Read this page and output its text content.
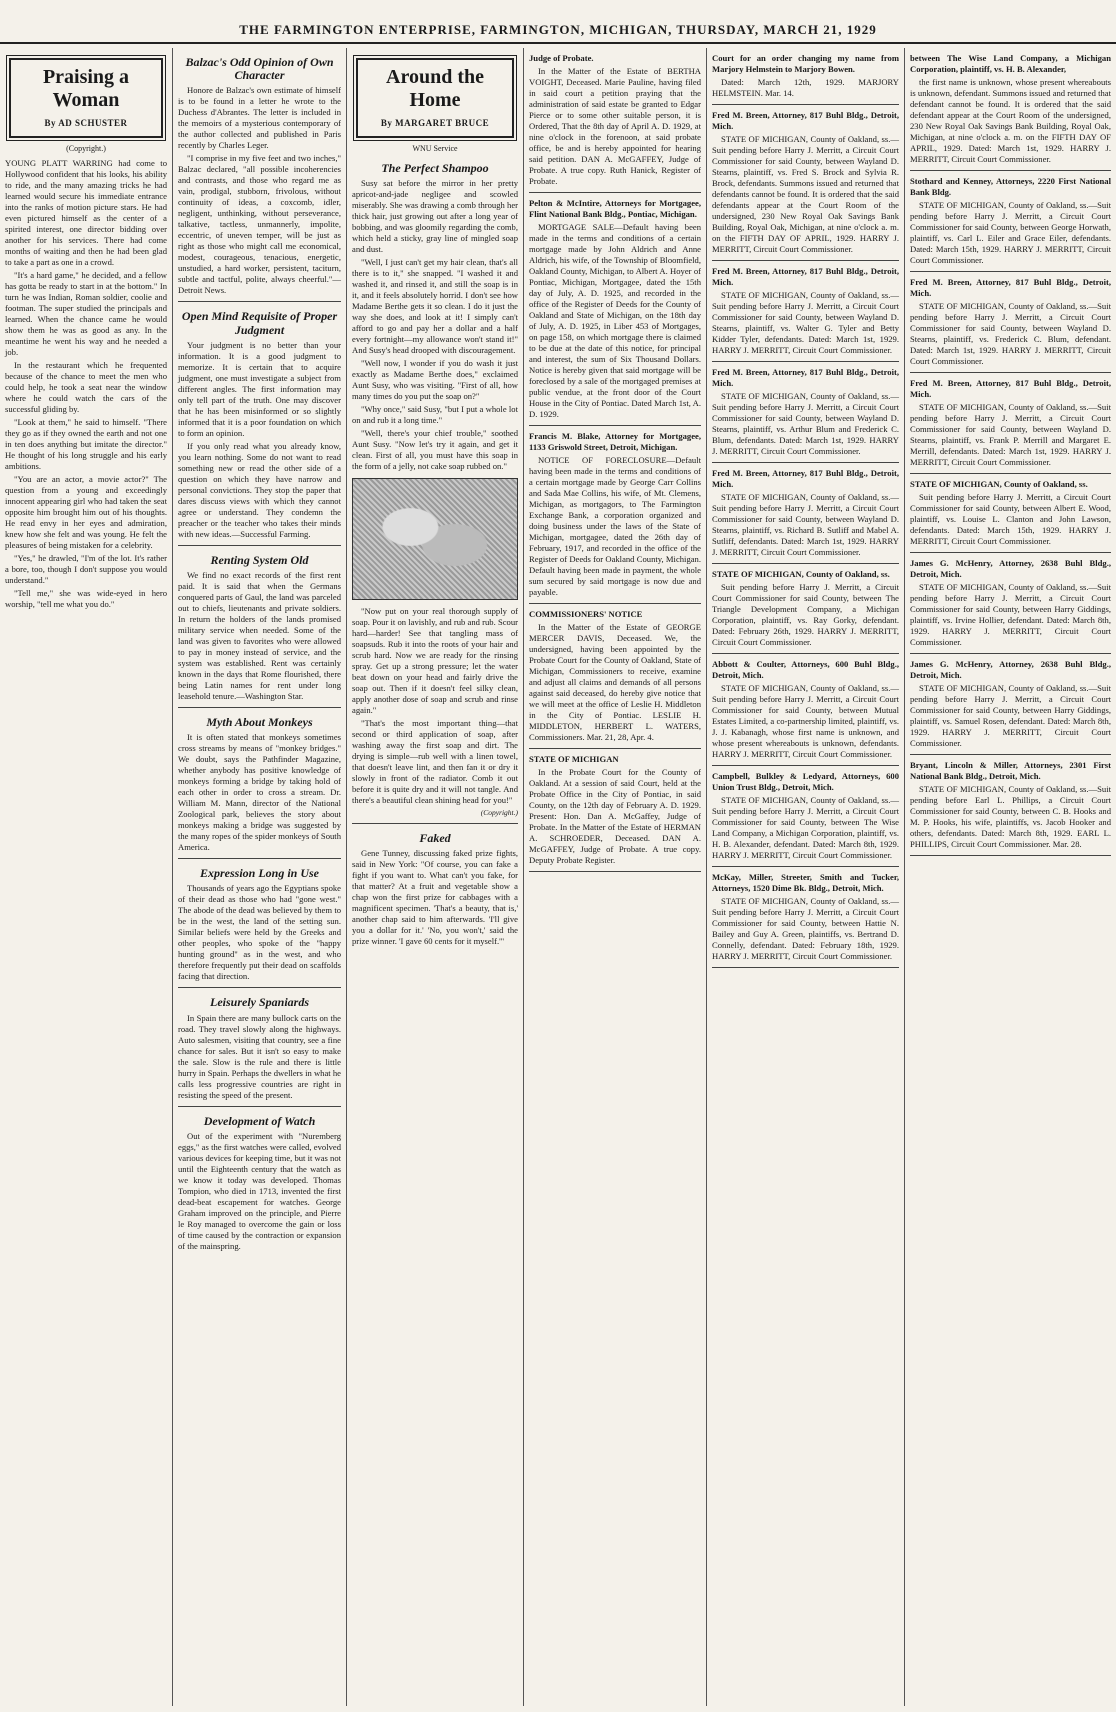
THE FARMINGTON ENTERPRISE, FARMINGTON, MICHIGAN, THURSDAY, MARCH 21, 1929
Praising a Woman
By AD SCHUSTER
(Copyright.)

YOUNG PLATT WARRING had come to Hollywood confident that his looks, his ability to ride, and the many amazing tricks he had learned would secure his immediate entrance into the ranks of motion picture stars. He had even pictured himself as the center of a spirited interest, one director bidding over another for his services. There had come months of waiting and then he had been glad to take a part as one in a crowd.

"It's a hard game," he decided, and a fellow has gotta be ready to start in at the bottom." In turn he was Indian, Roman soldier, coolie and footman. The super studied the principals and learned. When the chance came he would show them he was as good as any. In the meantime he went his way and he needed a job.

In the restaurant which he frequented because of the chance to meet the men who could help, he took a seat near the window where he could watch the cars of the successful gliding by.

"Look at them," he said to himself. "There they go as if they owned the earth and not one in ten does anything but imitate the director." He thought of his long struggle and his early ambitions.

"You are an actor, a movie actor?" The question from a young and exceedingly innocent appearing girl who had taken the seat opposite him brought him out of his thoughts. He read envy in her eyes and admiration, knew how she felt and was young. He felt the pleasures of being mistaken for a celebrity.

"Yes," he drawled, "I'm of the lot. It's rather a bore, too, though I don't suppose you would understand."

"Tell me," she was wide-eyed in hero worship, "tell me what you do."

Balzac's Odd Opinion of Own Character

Honore de Balzac's own estimate of himself is to be found in a letter he wrote to the Duchess d'Abrantes. The letter is included in the memoirs of a mysterious contemporary of the author collected and published in Paris recently by Charles Leger.

"I comprise in my five feet and two inches," Balzac declared, "all possible incoherencies and contrasts, and those who regard me as vain, prodigal, stubborn, frivolous, without continuity of ideas, a coxcomb, idler, negligent, unthinking, without perseverance, talkative, tactless, unmannerly, impolite, eccentric, of uneven temper, will be just as right as those who might call me economical, modest, courageous, tenacious, energetic, unstudied, a hard worker, persistent, taciturn, subtle and tactful, polite, always cheerful."—Detroit News.

Open Mind Requisite of Proper Judgment

Your judgment is no better than your information. It is a good judgment to memorize. It is certain that to acquire judgment, one must investigate a subject from different angles. The first information may only tell part of the truth. One may discover that he has been misinformed or so slightly informed that it is a poor foundation on which to form an opinion.

If you only read what you already know, you learn nothing. Some do not want to read something new or read the other side of a question on which they have narrow and personal convictions. They stop the paper that dares discuss views with which they cannot agree or understand. They condemn the preacher or the teacher who takes their minds with new ideas.—Successful Farming.

Renting System Old

We find no exact records of the first rent paid. It is said that when the Germans conquered parts of Gaul, the land was parceled out to chiefs, lieutenants and private soldiers. In return the holders of the lands promised military service when needed. Some of the land was given to favorites who were allowed to pay in money instead of service, and the system was established. Rent was certainly known in the days that Rome flourished, there being Latin names for rent under long leasehold tenure.—Washington Star.

Myth About Monkeys

It is often stated that monkeys sometimes cross streams by means of "monkey bridges." We doubt, says the Pathfinder Magazine, whether anybody has positive knowledge of monkeys forming a bridge by taking hold of each other in order to cross a stream. Dr. William M. Mann, director of the National Zoological park, believes the story about monkeys making a bridge was suggested by the many ropes of the spider monkeys of South America.

Expression Long in Use

Thousands of years ago the Egyptians spoke of their dead as those who had "gone west." The abode of the dead was believed by them to be in the west, the land of the setting sun. Similar beliefs were held by the Greeks and other peoples, who spoke of the "happy hunting ground" as in the west, and who therefore frequently put their dead on scaffolds facing that direction.

Leisurely Spaniards

In Spain there are many bullock carts on the road. They travel slowly along the highways. Auto salesmen, visiting that country, see a fine chance for sales. But it isn't so easy to make the sale. Slow is the rule and there is little hurry in Spain. Perhaps the dwellers in what he calls less progressive countries are right in resisting the speed of the present.

Development of Watch

Out of the experiment with "Nuremberg eggs," as the first watches were called, evolved various devices for keeping time, but it was not until the Eighteenth century that the watch as we know it today was developed. Thomas Tompion, who died in 1713, invented the first dead-beat escapement for watches. George Graham improved on the principle, and Pierre le Roy managed to overcome the gain or loss of time caused by the contraction or expansion of the mainspring.

Around the Home
By MARGARET BRUCE
WNU Service
The Perfect Shampoo

Susy sat before the mirror in her pretty apricot-and-jade negligee and scowled miserably. She was drawing a comb through her thick hair, just growing out after a long year of bobbing, and was gloomily regarding the comb, which held a sticky, gray line of mingled soap and dust.

"Well, I just can't get my hair clean, that's all there is to it," she snapped. "I washed it and washed it, and rinsed it, and still the soap is in it, and it feels absolutely horrid. I don't see how Madame Berthe gets it so clean. I do it just the way she does, and look at it! I simply can't afford to go and pay her a dollar and a half every fortnight—my allowance won't stand it!" And Susy's head drooped with discouragement.

"Well now, I wonder if you do wash it just exactly as Madame Berthe does," exclaimed Aunt Susy, who was visiting. "First of all, how many times do you put the soap on?"

"Why once," said Susy, "but I put a whole lot on and rub it a long time."

"Well, there's your chief trouble," soothed Aunt Susy. "Now let's try it again, and get it clean. First of all, you must have this soap in the form of a jelly, not cake soap rubbed on."

"Now put on your real thorough supply of soap. Pour it on lavishly, and rub and rub. Scour hard—harder! See that tangling mass of soapsuds. Rub it into the roots of your hair and scrub hard. Now we are ready for the rinsing spray. Get up a strong pressure; let the water beat down on your head and fairly drive the soap out. Then if it doesn't feel silky clean, apply another dose of soap and scrub and rinse again."

"That's the most important thing—that second or third application of soap, after washing away the first soap and dirt. The drying is simple—rub well with a linen towel, that doesn't leave lint, and then fan it or dry it slowly in front of the radiator. Comb it out before it is quite dry and it will not tangle. And there's a beautiful clean shining head for you!"

(Copyright.)
Faked

Gene Tunney, discussing faked prize fights, said in New York: "Of course, you can fake a fight if you want to. What can't you fake, for that matter? At a fruit and vegetable show a chap won the first prize for cabbages with a magnificent specimen. 'That's a beauty, that is,' another chap said to him afterwards. 'I'll give you a dollar for it.' 'No, you won't,' said the prize winner. 'I gave 60 cents for it myself.'"

Judge of Probate.

In the Matter of the Estate of BERTHA VOIGHT, Deceased. Marie Pauline, having filed in said court a petition praying that the administration of said estate be granted to Edgar Pierce or to some other suitable person, it is Ordered, That the 8th day of April A. D. 1929, at nine o'clock in the forenoon, at said probate office, be and is hereby appointed for hearing said petition. DAN A. McGAFFEY, Judge of Probate. A true copy. Ruth Hanick, Register of Probate.

Pelton & McIntire, Attorneys for Mortgagee, Flint National Bank Bldg., Pontiac, Michigan.

MORTGAGE SALE—Default having been made in the terms and conditions of a certain mortgage made by John Aldrich and Anne Aldrich, his wife, of the Township of Bloomfield, Oakland County, Michigan, to Albert A. Hoyer of Pontiac, Michigan, Mortgagee, dated the 15th day of July, A. D. 1925, and recorded in the office of the Register of Deeds for the County of Oakland and State of Michigan, on the 18th day of July, A. D. 1925, in Liber 453 of Mortgages, on page 158, on which mortgage there is claimed to be due at the date of this notice, for principal and interest, the sum of Six Thousand Dollars. Notice is hereby given that said mortgage will be foreclosed by a sale of the mortgaged premises at public vendue, at the front door of the Court House in the City of Pontiac. Dated March 1st, A. D. 1929.

Francis M. Blake, Attorney for Mortgagee, 1133 Griswold Street, Detroit, Michigan.

NOTICE OF FORECLOSURE—Default having been made in the terms and conditions of a certain mortgage made by George Carr Collins and Sada Mae Collins, his wife, of Mt. Clemens, Michigan, as mortgagors, to The Farmington Exchange Bank, a corporation organized and doing business under the laws of the State of Michigan, mortgagee, dated the 26th day of February, 1917, and recorded in the office of the Register of Deeds for Oakland County, Michigan. Default having been made in payment, the whole sum secured by said mortgage is now due and payable.

COMMISSIONERS' NOTICE

In the Matter of the Estate of GEORGE MERCER DAVIS, Deceased. We, the undersigned, having been appointed by the Probate Court for the County of Oakland, State of Michigan, Commissioners to receive, examine and adjust all claims and demands of all persons against said deceased, do hereby give notice that we will meet at the office of Leslie H. Middleton in the City of Pontiac. LESLIE H. MIDDLETON, HERBERT L. WATERS, Commissioners. Mar. 21, 28, Apr. 4.

STATE OF MICHIGAN

In the Probate Court for the County of Oakland. At a session of said Court, held at the Probate Office in the City of Pontiac, in said County, on the 12th day of February A. D. 1929. Present: Hon. Dan A. McGaffey, Judge of Probate. In the Matter of the Estate of HERMAN A. SCHROEDER, Deceased. DAN A. McGAFFEY, Judge of Probate. A true copy. Deputy Probate Register.

Court for an order changing my name from Marjory Helmstein to Marjory Bowen.

Dated: March 12th, 1929. MARJORY HELMSTEIN. Mar. 14.

Fred M. Breen, Attorney, 817 Buhl Bldg., Detroit, Mich.

STATE OF MICHIGAN, County of Oakland, ss.—Suit pending before Harry J. Merritt, a Circuit Court Commissioner for said County, between Wayland D. Stearns, plaintiff, vs. Fred S. Brock and Sylvia R. Brock, defendants. Summons issued and returned that defendants cannot be found. It is ordered that the said defendants appear at the Court Room of the undersigned, 230 New Royal Oak Savings Bank Building, Royal Oak, Michigan, at nine o'clock a. m. on the FIFTH DAY OF APRIL, 1929. HARRY J. MERRITT, Circuit Court Commissioner.

Fred M. Breen, Attorney, 817 Buhl Bldg., Detroit, Mich.

STATE OF MICHIGAN, County of Oakland, ss.—Suit pending before Harry J. Merritt, a Circuit Court Commissioner for said County, between Wayland D. Stearns, plaintiff, vs. Walter G. Tyler and Betty Kidder Tyler, defendants. Dated: March 1st, 1929. HARRY J. MERRITT, Circuit Court Commissioner.

Fred M. Breen, Attorney, 817 Buhl Bldg., Detroit, Mich.

STATE OF MICHIGAN, County of Oakland, ss.—Suit pending before Harry J. Merritt, a Circuit Court Commissioner for said County, between Wayland D. Stearns, plaintiff, vs. Arthur Blum and Frederick C. Blum, defendants. Dated: March 1st, 1929. HARRY J. MERRITT, Circuit Court Commissioner.

Fred M. Breen, Attorney, 817 Buhl Bldg., Detroit, Mich.

STATE OF MICHIGAN, County of Oakland, ss.—Suit pending before Harry J. Merritt, a Circuit Court Commissioner for said County, between Wayland D. Stearns, plaintiff, vs. Richard B. Sutliff and Mabel A. Sutliff, defendants. Dated: March 1st, 1929. HARRY J. MERRITT, Circuit Court Commissioner.

STATE OF MICHIGAN, County of Oakland, ss.

Suit pending before Harry J. Merritt, a Circuit Court Commissioner for said County, between The Triangle Development Company, a Michigan Corporation, plaintiff, vs. Ray Gorky, defendant. Dated: February 26th, 1929. HARRY J. MERRITT, Circuit Court Commissioner.

Abbott & Coulter, Attorneys, 600 Buhl Bldg., Detroit, Mich.

STATE OF MICHIGAN, County of Oakland, ss.—Suit pending before Harry J. Merritt, a Circuit Court Commissioner for said County, between Mutual Estates Limited, a co-partnership limited, plaintiff, vs. J. J. Kabanagh, whose first name is unknown, and whose present whereabouts is unknown, defendants. HARRY J. MERRITT, Circuit Court Commissioner.

Campbell, Bulkley & Ledyard, Attorneys, 600 Union Trust Bldg., Detroit, Mich.

STATE OF MICHIGAN, County of Oakland, ss.—Suit pending before Harry J. Merritt, a Circuit Court Commissioner for said County, between The Wise Land Company, a Michigan Corporation, plaintiff, vs. H. B. Alexander, defendant. Dated: March 8th, 1929. HARRY J. MERRITT, Circuit Court Commissioner.

McKay, Miller, Streeter, Smith and Tucker, Attorneys, 1520 Dime Bk. Bldg., Detroit, Mich.

STATE OF MICHIGAN, County of Oakland, ss.—Suit pending before Harry J. Merritt, a Circuit Court Commissioner for said County, between Hattie N. Bailey and Guy A. Green, plaintiffs, vs. Bertrand D. Connelly, defendant. Dated: February 18th, 1929. HARRY J. MERRITT, Circuit Court Commissioner.

between The Wise Land Company, a Michigan Corporation, plaintiff, vs. H. B. Alexander,

the first name is unknown, whose present whereabouts is unknown, defendant. Summons issued and returned that defendant cannot be found. It is ordered that the said defendant appear at the Court Room of the undersigned, 230 New Royal Oak Savings Bank Building, Royal Oak, Michigan, at nine o'clock a. m. on the FIFTH DAY OF APRIL, 1929. Dated: March 1st, 1929. HARRY J. MERRITT, Circuit Court Commissioner.

Stothard and Kenney, Attorneys, 2220 First National Bank Bldg.

STATE OF MICHIGAN, County of Oakland, ss.—Suit pending before Harry J. Merritt, a Circuit Court Commissioner for said County, between George Horwath, plaintiff, vs. Carl L. Eiler and Grace Eiler, defendants. Dated: March 15th, 1929. HARRY J. MERRITT, Circuit Court Commissioner.

Fred M. Breen, Attorney, 817 Buhl Bldg., Detroit, Mich.

STATE OF MICHIGAN, County of Oakland, ss.—Suit pending before Harry J. Merritt, a Circuit Court Commissioner for said County, between Wayland D. Stearns, plaintiff, vs. Frederick C. Blum, defendant. Dated: March 1st, 1929. HARRY J. MERRITT, Circuit Court Commissioner.

Fred M. Breen, Attorney, 817 Buhl Bldg., Detroit, Mich.

STATE OF MICHIGAN, County of Oakland, ss.—Suit pending before Harry J. Merritt, a Circuit Court Commissioner for said County, between Wayland D. Stearns, plaintiff, vs. Frank P. Merrill and Margaret E. Merrill, defendants. Dated: March 1st, 1929. HARRY J. MERRITT, Circuit Court Commissioner.

STATE OF MICHIGAN, County of Oakland, ss.

Suit pending before Harry J. Merritt, a Circuit Court Commissioner for said County, between Albert E. Wood, plaintiff, vs. Louise L. Clanton and John Lawson, defendants. Dated: March 15th, 1929. HARRY J. MERRITT, Circuit Court Commissioner.

James G. McHenry, Attorney, 2638 Buhl Bldg., Detroit, Mich.

STATE OF MICHIGAN, County of Oakland, ss.—Suit pending before Harry J. Merritt, a Circuit Court Commissioner for said County, between Harry Giddings, plaintiff, vs. Irvine Hollier, defendant. Dated: March 8th, 1929. HARRY J. MERRITT, Circuit Court Commissioner.

James G. McHenry, Attorney, 2638 Buhl Bldg., Detroit, Mich.

STATE OF MICHIGAN, County of Oakland, ss.—Suit pending before Harry J. Merritt, a Circuit Court Commissioner for said County, between Harry Giddings, plaintiff, vs. Samuel Rosen, defendant. Dated: March 8th, 1929. HARRY J. MERRITT, Circuit Court Commissioner.

Bryant, Lincoln & Miller, Attorneys, 2301 First National Bank Bldg., Detroit, Mich.

STATE OF MICHIGAN, County of Oakland, ss.—Suit pending before Earl L. Phillips, a Circuit Court Commissioner for said County, between C. B. Hooks and M. P. Hooks, his wife, plaintiffs, vs. Jacob Hooker and others, defendants. Dated: March 8th, 1929. EARL L. PHILLIPS, Circuit Court Commissioner. Mar. 28.
